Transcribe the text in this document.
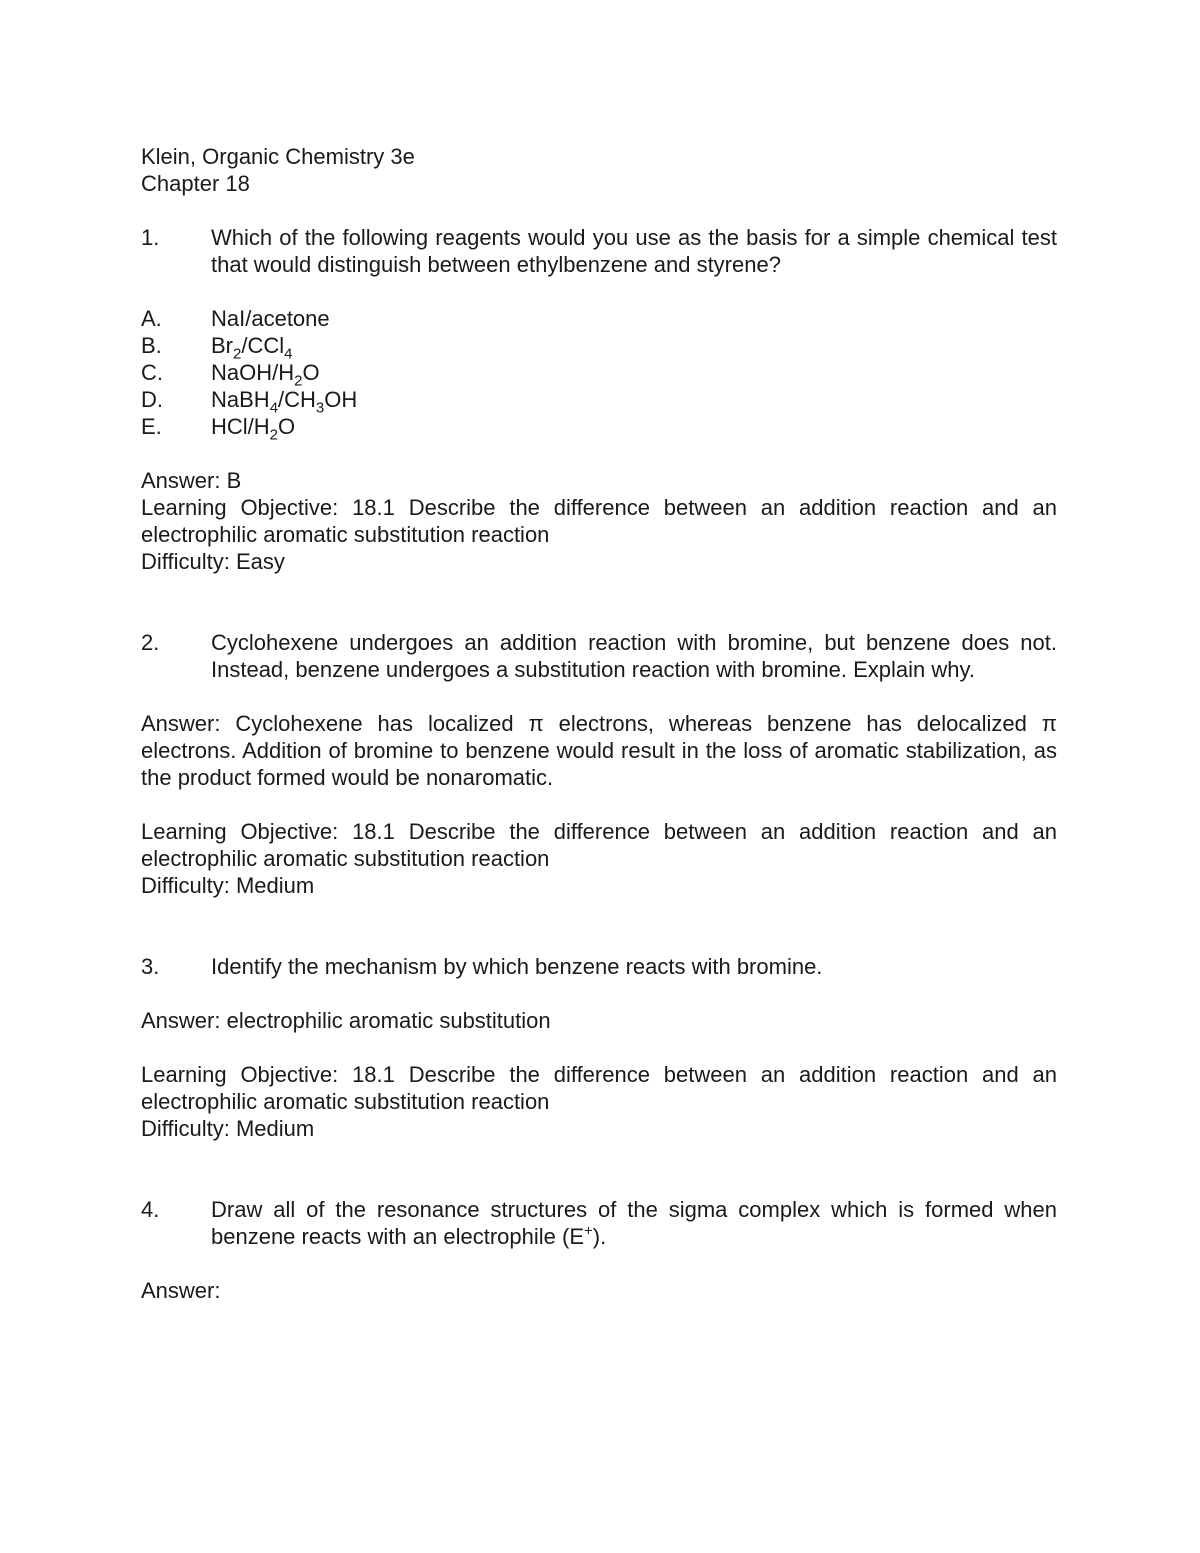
Klein, Organic Chemistry 3e
Chapter 18
1.	Which of the following reagents would you use as the basis for a simple chemical test that would distinguish between ethylbenzene and styrene?
A.	NaI/acetone
B.	$Br_2/CCl_4$
C.	NaOH/$H_2O$
D.	$NaBH_4/CH_3OH$
E.	HCl/$H_2O$
Answer: B
Learning Objective: 18.1 Describe the difference between an addition reaction and an electrophilic aromatic substitution reaction
Difficulty: Easy
2.	Cyclohexene undergoes an addition reaction with bromine, but benzene does not. Instead, benzene undergoes a substitution reaction with bromine. Explain why.
Answer: Cyclohexene has localized π electrons, whereas benzene has delocalized π electrons. Addition of bromine to benzene would result in the loss of aromatic stabilization, as the product formed would be nonaromatic.
Learning Objective: 18.1 Describe the difference between an addition reaction and an electrophilic aromatic substitution reaction
Difficulty: Medium
3.	Identify the mechanism by which benzene reacts with bromine.
Answer: electrophilic aromatic substitution
Learning Objective: 18.1 Describe the difference between an addition reaction and an electrophilic aromatic substitution reaction
Difficulty: Medium
4.	Draw all of the resonance structures of the sigma complex which is formed when benzene reacts with an electrophile (E+).
Answer:
